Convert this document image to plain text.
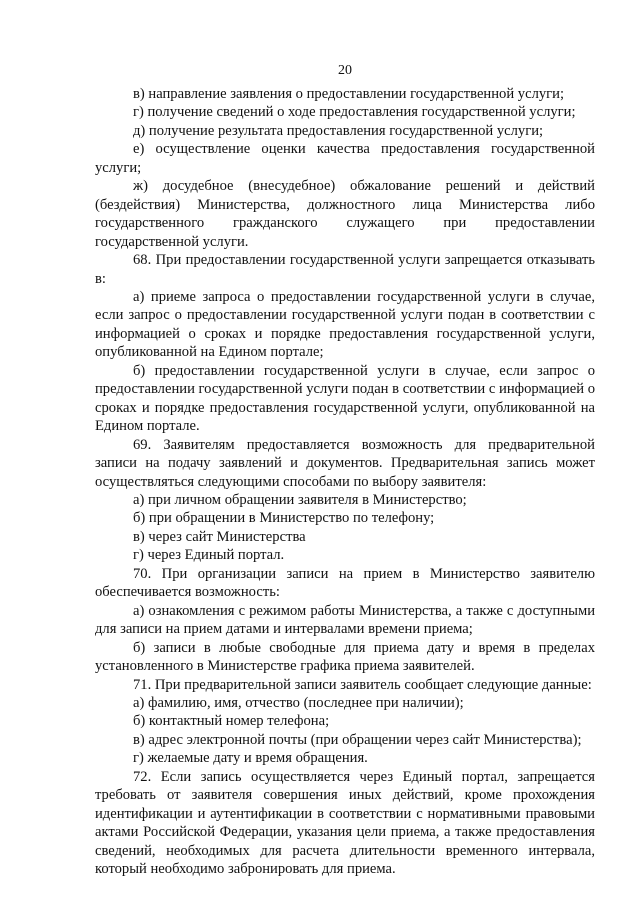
20

в) направление заявления о предоставлении государственной услуги;

г) получение сведений о ходе предоставления государственной услуги;

д) получение результата предоставления государственной услуги;

е) осуществление оценки качества предоставления государственной услуги;

ж) досудебное (внесудебное) обжалование решений и действий (бездействия) Министерства, должностного лица Министерства либо государственного гражданского служащего при предоставлении государственной услуги.

68. При предоставлении государственной услуги запрещается отказывать в:

а) приеме запроса о предоставлении государственной услуги в случае, если запрос о предоставлении государственной услуги подан в соответствии с информацией о сроках и порядке предоставления государственной услуги, опубликованной на Едином портале;

б) предоставлении государственной услуги в случае, если запрос о предоставлении государственной услуги подан в соответствии с информацией о сроках и порядке предоставления государственной услуги, опубликованной на Едином портале.

69. Заявителям предоставляется возможность для предварительной записи на подачу заявлений и документов. Предварительная запись может осуществляться следующими способами по выбору заявителя:

а) при личном обращении заявителя в Министерство;

б) при обращении в Министерство по телефону;

в) через сайт Министерства

г) через Единый портал.

70. При организации записи на прием в Министерство заявителю обеспечивается возможность:

а) ознакомления с режимом работы Министерства, а также с доступными для записи на прием датами и интервалами времени приема;

б) записи в любые свободные для приема дату и время в пределах установленного в Министерстве графика приема заявителей.

71. При предварительной записи заявитель сообщает следующие данные:

а) фамилию, имя, отчество (последнее при наличии);

б) контактный номер телефона;

в) адрес электронной почты (при обращении через сайт Министерства);

г) желаемые дату и время обращения.

72. Если запись осуществляется через Единый портал, запрещается требовать от заявителя совершения иных действий, кроме прохождения идентификации и аутентификации в соответствии с нормативными правовыми актами Российской Федерации, указания цели приема, а также предоставления сведений, необходимых для расчета длительности временного интервала, который необходимо забронировать для приема.
